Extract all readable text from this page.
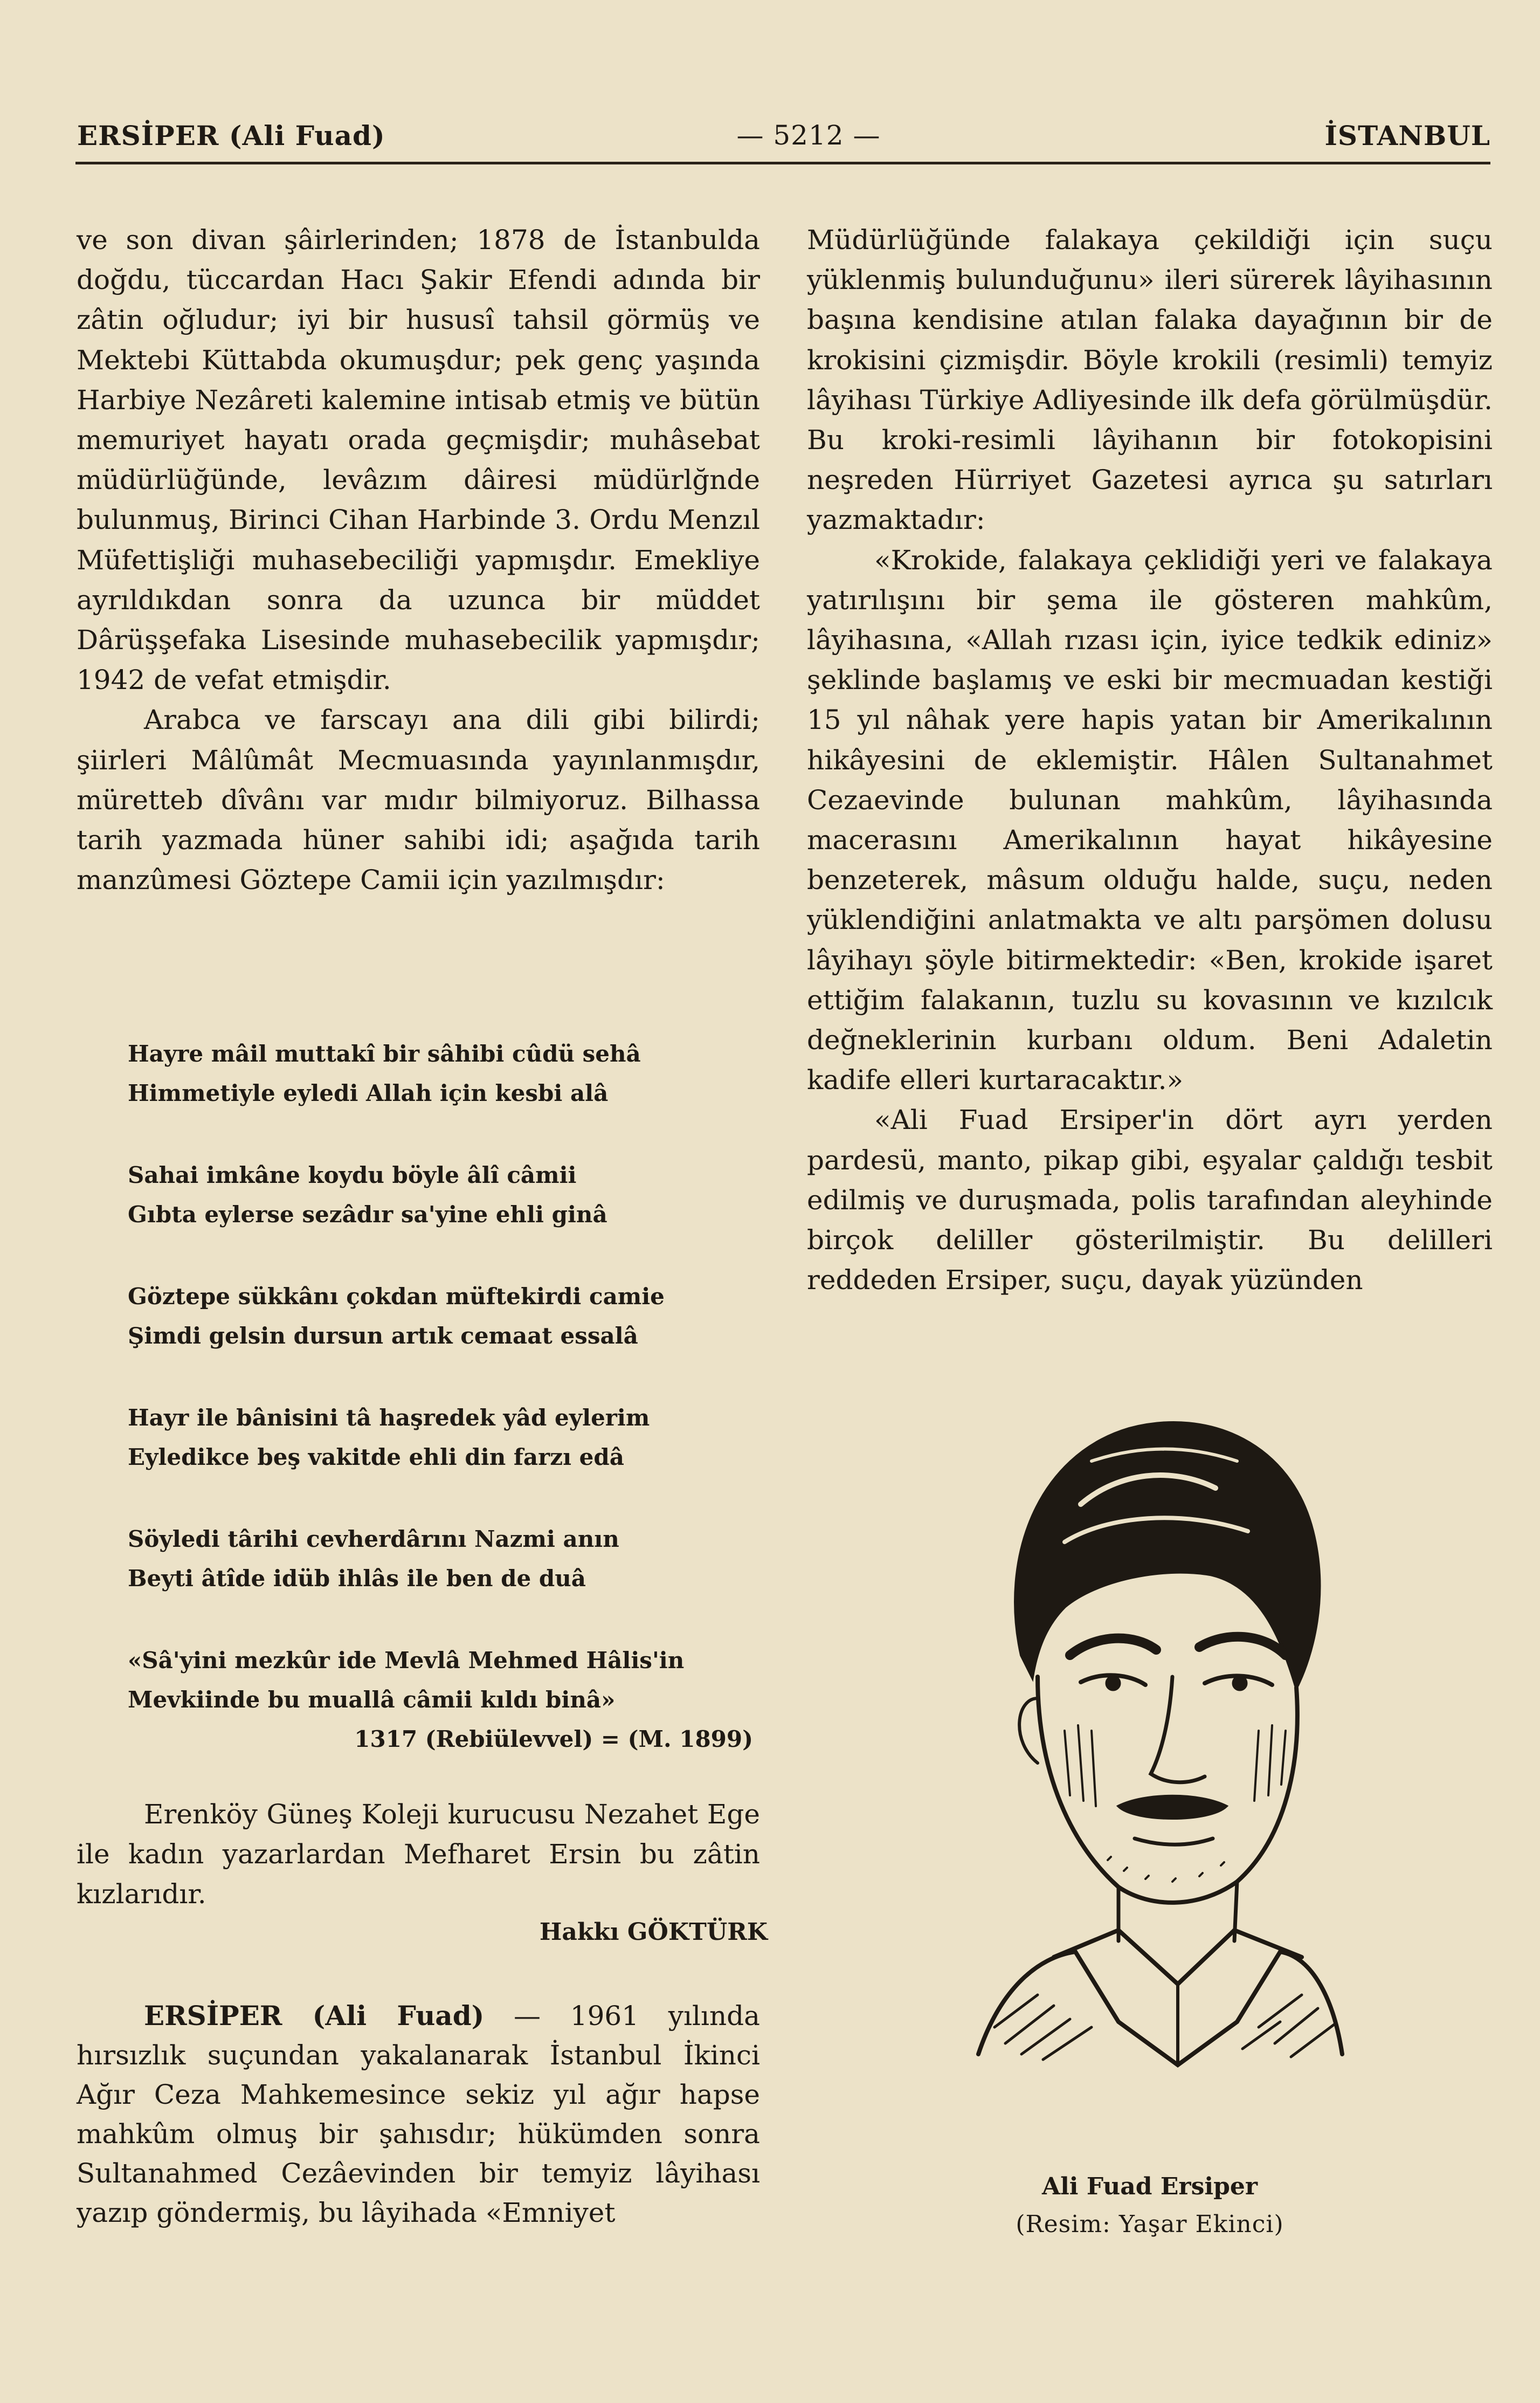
ERSİPER (Ali Fuad)	— 5212 —	İSTANBUL

ve son divan şâirlerinden; 1878 de İstanbulda doğdu, tüccardan Hacı Şakir Efendi adında bir zâtin oğludur; iyi bir hususî tahsil görmüş ve Mektebi Küttabda okumuşdur; pek genç yaşında Harbiye Nezâreti kalemine intisab etmiş ve bütün memuriyet hayatı orada geçmişdir; muhâsebat müdürlüğünde, levâzım dâiresi müdürlğnde bulunmuş, Birinci Cihan Harbinde 3. Ordu Menzıl Müfettişliği muhasebeciliği yapmışdır. Emekliye ayrıldıkdan sonra da uzunca bir müddet Dârüşşefaka Lisesinde muhasebecilik yapmışdır; 1942 de vefat etmişdir.

Arabca ve farscayı ana dili gibi bilirdi; şiirleri Mâlûmât Mecmuasında yayınlanmışdır, müretteb dîvânı var mıdır bilmiyoruz. Bilhassa tarih yazmada hüner sahibi idi; aşağıda tarih manzûmesi Göztepe Camii için yazılmışdır:

Hayre mâil muttakî bir sâhibi cûdü sehâ
Himmetiyle eyledi Allah için kesbi alâ
Sahai imkâne koydu böyle âlî câmii
Gıbta eylerse sezâdır sa'yine ehli ginâ
Göztepe sükkânı çokdan müftekirdi camie
Şimdi gelsin dursun artık cemaat essalâ
Hayr ile bânisini tâ haşredek yâd eylerim
Eyledikce beş vakitde ehli din farzı edâ
Söyledi târihi cevherdârını Nazmi anın
Beyti âtîde idüb ihlâs ile ben de duâ
«Sâ'yini mezkûr ide Mevlâ Mehmed Hâlis'in
Mevkiinde bu muallâ câmii kıldı binâ»
1317 (Rebiülevvel) = (M. 1899)

Erenköy Güneş Koleji kurucusu Nezahet Ege ile kadın yazarlardan Mefharet Ersin bu zâtin kızlarıdır.

Hakkı GÖKTÜRK

ERSİPER (Ali Fuad) — 1961 yılında hırsızlık suçundan yakalanarak İstanbul İkinci Ağır Ceza Mahkemesince sekiz yıl ağır hapse mahkûm olmuş bir şahısdır; hükümden sonra Sultanahmed Cezâevinden bir temyiz lâyihası yazıp göndermiş, bu lâyihada «Emniyet

Müdürlüğünde falakaya çekildiği için suçu yüklenmiş bulunduğunu» ileri sürerek lâyihasının başına kendisine atılan falaka dayağının bir de krokisini çizmişdir. Böyle krokili (resimli) temyiz lâyihası Türkiye Adliyesinde ilk defa görülmüşdür. Bu kroki-resimli lâyihanın bir fotokopisini neşreden Hürriyet Gazetesi ayrıca şu satırları yazmaktadır:

«Krokide, falakaya çeklidiği yeri ve falakaya yatırılışını bir şema ile gösteren mahkûm, lâyihasına, «Allah rızası için, iyice tedkik ediniz» şeklinde başlamış ve eski bir mecmuadan kestiği 15 yıl nâhak yere hapis yatan bir Amerikalının hikâyesini de eklemiştir. Hâlen Sultanahmet Cezaevinde bulunan mahkûm, lâyihasında macerasını Amerikalının hayat hikâyesine benzeterek, mâsum olduğu halde, suçu, neden yüklendiğini anlatmakta ve altı parşömen dolusu lâyihayı şöyle bitirmektedir: «Ben, krokide işaret ettiğim falakanın, tuzlu su kovasının ve kızılcık değneklerinin kurbanı oldum. Beni Adaletin kadife elleri kurtaracaktır.»

«Ali Fuad Ersiper'in dört ayrı yerden pardesü, manto, pikap gibi, eşyalar çaldığı tesbit edilmiş ve duruşmada, polis tarafından aleyhinde birçok deliller gösterilmiştir. Bu delilleri reddeden Ersiper, suçu, dayak yüzünden

Ali Fuad Ersiper
(Resim: Yaşar Ekinci)
